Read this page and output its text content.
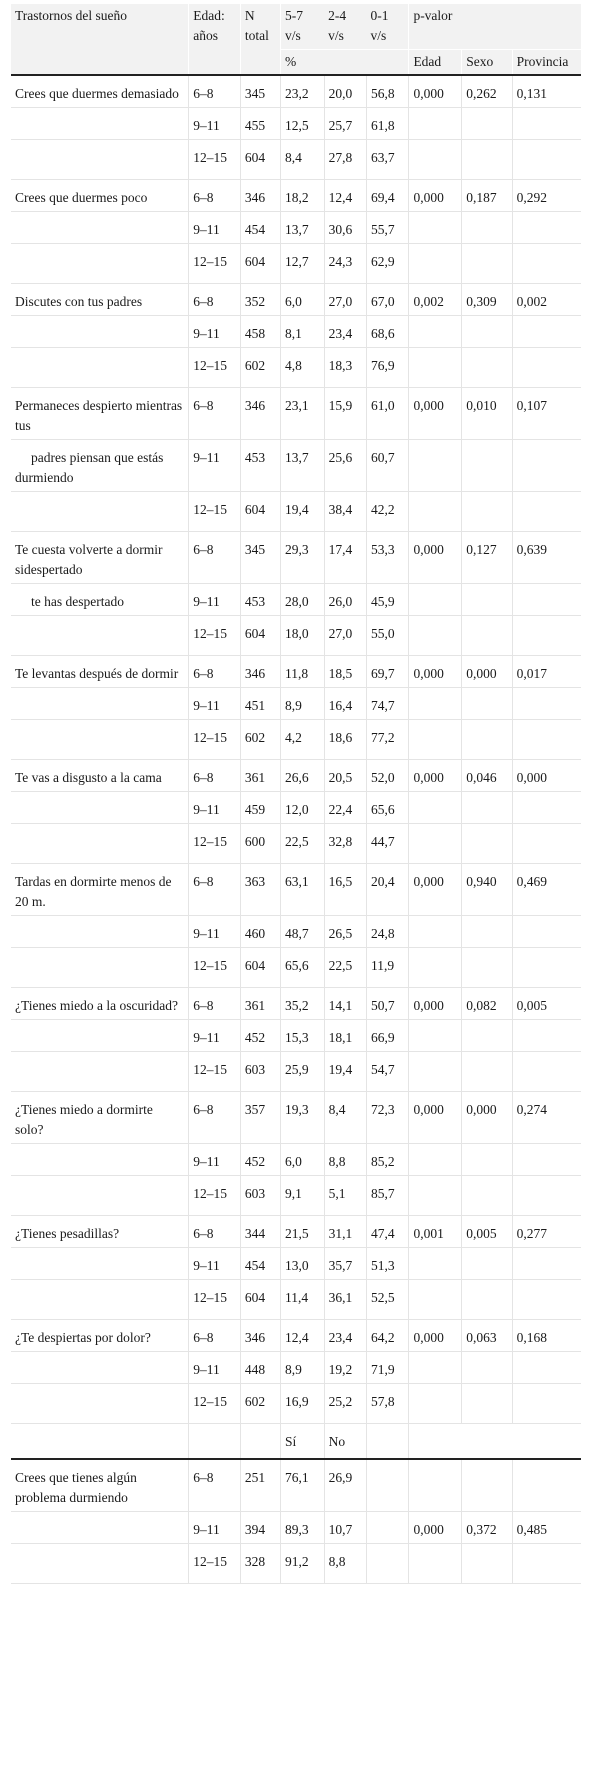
Trastornos del sueño	Edad: años	N total	5-7 v/s	2-4 v/s	0-1 v/s	p-valor		
			%			Edad	Sexo	Provincia
Crees que duermes demasiado	6–8	345	23,2	20,0	56,8	0,000	0,262	0,131
	9–11	455	12,5	25,7	61,8			
	12–15	604	8,4	27,8	63,7			
Crees que duermes poco	6–8	346	18,2	12,4	69,4	0,000	0,187	0,292
	9–11	454	13,7	30,6	55,7			
	12–15	604	12,7	24,3	62,9			
Discutes con tus padres	6–8	352	6,0	27,0	67,0	0,002	0,309	0,002
	9–11	458	8,1	23,4	68,6			
	12–15	602	4,8	18,3	76,9			
Permaneces despierto mientras tus	6–8	346	23,1	15,9	61,0	0,000	0,010	0,107
padres piensan que estás durmiendo	9–11	453	13,7	25,6	60,7			
	12–15	604	19,4	38,4	42,2			
Te cuesta volverte a dormir sidespertado	6–8	345	29,3	17,4	53,3	0,000	0,127	0,639
te has despertado	9–11	453	28,0	26,0	45,9			
	12–15	604	18,0	27,0	55,0			
Te levantas después de dormir	6–8	346	11,8	18,5	69,7	0,000	0,000	0,017
	9–11	451	8,9	16,4	74,7			
	12–15	602	4,2	18,6	77,2			
Te vas a disgusto a la cama	6–8	361	26,6	20,5	52,0	0,000	0,046	0,000
	9–11	459	12,0	22,4	65,6			
	12–15	600	22,5	32,8	44,7			
Tardas en dormirte menos de 20 m.	6–8	363	63,1	16,5	20,4	0,000	0,940	0,469
	9–11	460	48,7	26,5	24,8			
	12–15	604	65,6	22,5	11,9			
¿Tienes miedo a la oscuridad?	6–8	361	35,2	14,1	50,7	0,000	0,082	0,005
	9–11	452	15,3	18,1	66,9			
	12–15	603	25,9	19,4	54,7			
¿Tienes miedo a dormirte solo?	6–8	357	19,3	8,4	72,3	0,000	0,000	0,274
	9–11	452	6,0	8,8	85,2			
	12–15	603	9,1	5,1	85,7			
¿Tienes pesadillas?	6–8	344	21,5	31,1	47,4	0,001	0,005	0,277
	9–11	454	13,0	35,7	51,3			
	12–15	604	11,4	36,1	52,5			
¿Te despiertas por dolor?	6–8	346	12,4	23,4	64,2	0,000	0,063	0,168
	9–11	448	8,9	19,2	71,9			
	12–15	602	16,9	25,2	57,8			
			Sí	No				
Crees que tienes algún problema durmiendo	6–8	251	76,1	26,9				
	9–11	394	89,3	10,7		0,000	0,372	0,485
	12–15	328	91,2	8,8				
